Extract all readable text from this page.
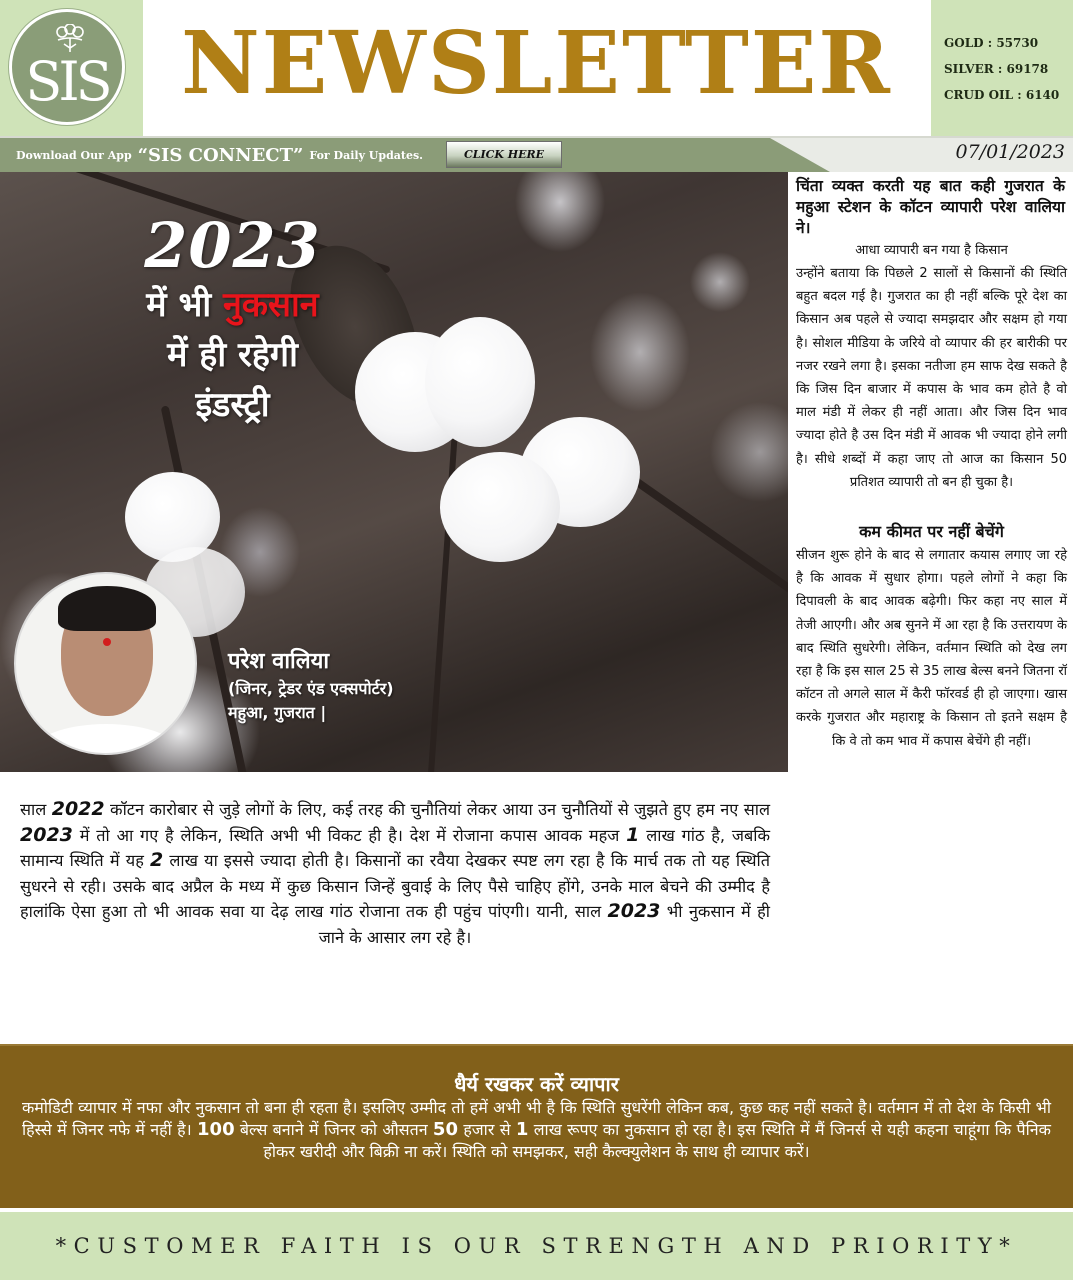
SIS NEWSLETTER	GOLD : 55730
SILVER : 69178
CRUD OIL : 6140
Download Our App “SIS CONNECT” For Daily Updates.	CLICK HERE	07/01/2023
2023
में भी नुकसान
में ही रहेगी
इंडस्ट्री
परेश वालिया
(जिनर, ट्रेडर एंड एक्सपोर्टर)
महुआ, गुजरात |
चिंता व्यक्त करती यह बात कही गुजरात के महुआ स्टेशन के कॉटन व्यापारी परेश वालिया ने।
आधा व्यापारी बन गया है किसान
उन्होंने बताया कि पिछले 2 सालों से किसानों की स्थिति बहुत बदल गई है। गुजरात का ही नहीं बल्कि पूरे देश का किसान अब पहले से ज्यादा समझदार और सक्षम हो गया है। सोशल मीडिया के जरिये वो व्यापार की हर बारीकी पर नजर रखने लगा है। इसका नतीजा हम साफ देख सकते है कि जिस दिन बाजार में कपास के भाव कम होते है वो माल मंडी में लेकर ही नहीं आता। और जिस दिन भाव ज्यादा होते है उस दिन मंडी में आवक भी ज्यादा होने लगी है। सीधे शब्दों में कहा जाए तो आज का किसान 50 प्रतिशत व्यापारी तो बन ही चुका है।
कम कीमत पर नहीं बेचेंगे
सीजन शुरू होने के बाद से लगातार कयास लगाए जा रहे है कि आवक में सुधार होगा। पहले लोगों ने कहा कि दिपावली के बाद आवक बढ़ेगी। फिर कहा नए साल में तेजी आएगी। और अब सुनने में आ रहा है कि उत्तरायण के बाद स्थिति सुधरेगी। लेकिन, वर्तमान स्थिति को देख लग रहा है कि इस साल 25 से 35 लाख बेल्स बनने जितना रॉ कॉटन तो अगले साल में कैरी फॉरवर्ड ही हो जाएगा। खास करके गुजरात और महाराष्ट्र के किसान तो इतने सक्षम है कि वे तो कम भाव में कपास बेचेंगे ही नहीं।
साल 2022 कॉटन कारोबार से जुड़े लोगों के लिए, कई तरह की चुनौतियां लेकर आया उन चुनौतियों से जुझते हुए हम नए साल 2023 में तो आ गए है लेकिन, स्थिति अभी भी विकट ही है। देश में रोजाना कपास आवक महज 1 लाख गांठ है, जबकि सामान्य स्थिति में यह 2 लाख या इससे ज्यादा होती है। किसानों का रवैया देखकर स्पष्ट लग रहा है कि मार्च तक तो यह स्थिति सुधरने से रही। उसके बाद अप्रैल के मध्य में कुछ किसान जिन्हें बुवाई के लिए पैसे चाहिए होंगे, उनके माल बेचने की उम्मीद है हालांकि ऐसा हुआ तो भी आवक सवा या देढ़ लाख गांठ रोजाना तक ही पहुंच पांएगी। यानी, साल 2023 भी नुकसान में ही जाने के आसार लग रहे है।
धैर्य रखकर करें व्यापार
कमोडिटी व्यापार में नफा और नुकसान तो बना ही रहता है। इसलिए उम्मीद तो हमें अभी भी है कि स्थिति सुधरेंगी लेकिन कब, कुछ कह नहीं सकते है। वर्तमान में तो देश के किसी भी हिस्से में जिनर नफे में नहीं है। 100 बेल्स बनाने में जिनर को औसतन 50 हजार से 1 लाख रूपए का नुकसान हो रहा है। इस स्थिति में मैं जिनर्स से यही कहना चाहूंगा कि पैनिक होकर खरीदी और बिक्री ना करें। स्थिति को समझकर, सही कैल्क्युलेशन के साथ ही व्यापार करें।
*CUSTOMER FAITH IS OUR STRENGTH AND PRIORITY*
